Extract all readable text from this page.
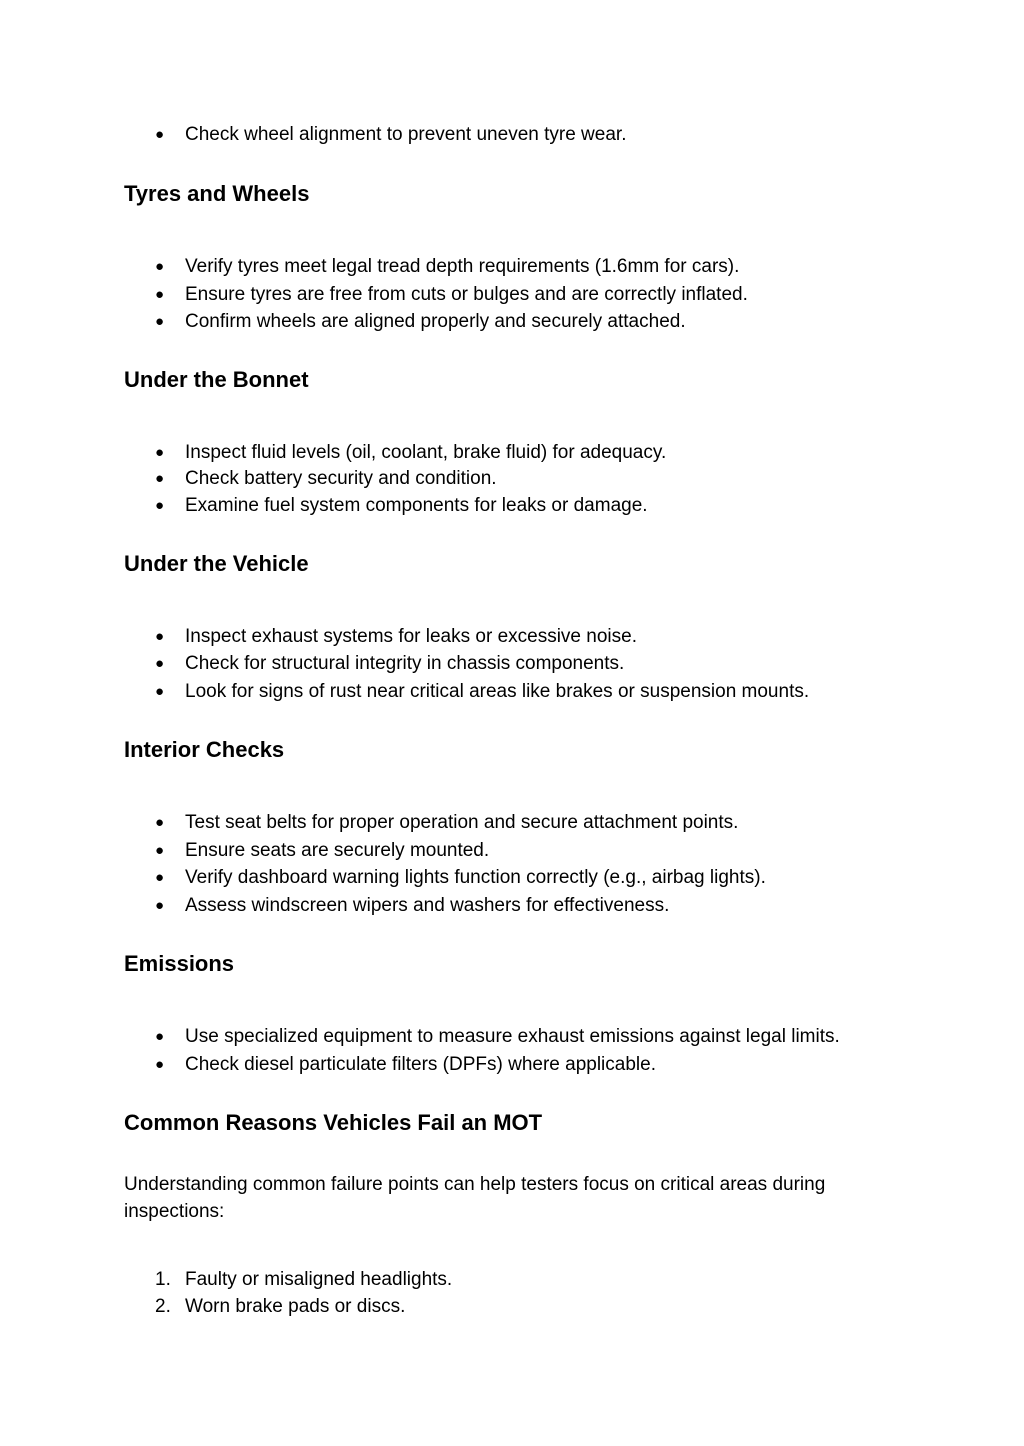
●	Check wheel alignment to prevent uneven tyre wear.
Tyres and Wheels
●	Verify tyres meet legal tread depth requirements (1.6mm for cars).
●	Ensure tyres are free from cuts or bulges and are correctly inflated.
●	Confirm wheels are aligned properly and securely attached.
Under the Bonnet
●	Inspect fluid levels (oil, coolant, brake fluid) for adequacy.
●	Check battery security and condition.
●	Examine fuel system components for leaks or damage.
Under the Vehicle
●	Inspect exhaust systems for leaks or excessive noise.
●	Check for structural integrity in chassis components.
●	Look for signs of rust near critical areas like brakes or suspension mounts.
Interior Checks
●	Test seat belts for proper operation and secure attachment points.
●	Ensure seats are securely mounted.
●	Verify dashboard warning lights function correctly (e.g., airbag lights).
●	Assess windscreen wipers and washers for effectiveness.
Emissions
●	Use specialized equipment to measure exhaust emissions against legal limits.
●	Check diesel particulate filters (DPFs) where applicable.
Common Reasons Vehicles Fail an MOT
Understanding common failure points can help testers focus on critical areas during inspections:
1. Faulty or misaligned headlights.
2. Worn brake pads or discs.
